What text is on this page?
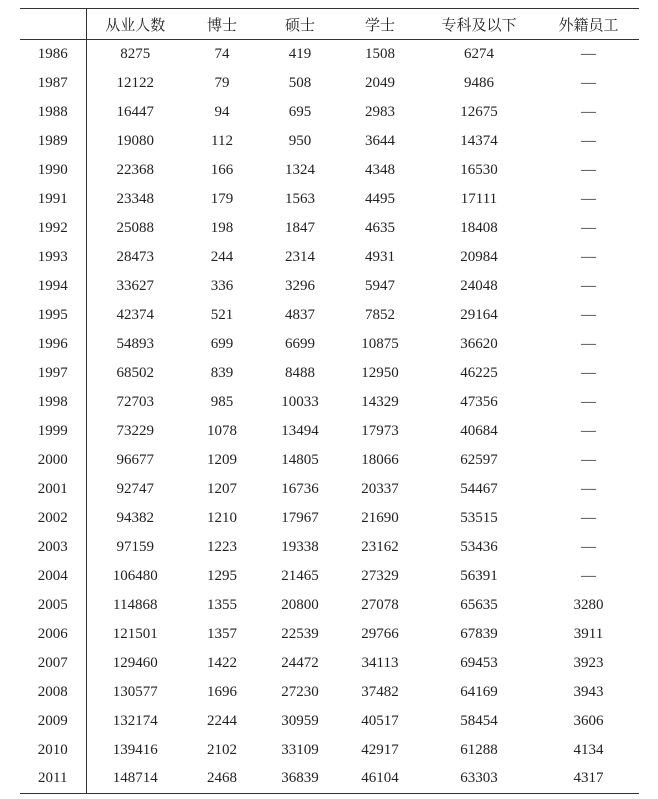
	从业人数	博士	硕士	学士	专科及以下	外籍员工
1986	8275	74	419	1508	6274	—
1987	12122	79	508	2049	9486	—
1988	16447	94	695	2983	12675	—
1989	19080	112	950	3644	14374	—
1990	22368	166	1324	4348	16530	—
1991	23348	179	1563	4495	17111	—
1992	25088	198	1847	4635	18408	—
1993	28473	244	2314	4931	20984	—
1994	33627	336	3296	5947	24048	—
1995	42374	521	4837	7852	29164	—
1996	54893	699	6699	10875	36620	—
1997	68502	839	8488	12950	46225	—
1998	72703	985	10033	14329	47356	—
1999	73229	1078	13494	17973	40684	—
2000	96677	1209	14805	18066	62597	—
2001	92747	1207	16736	20337	54467	—
2002	94382	1210	17967	21690	53515	—
2003	97159	1223	19338	23162	53436	—
2004	106480	1295	21465	27329	56391	—
2005	114868	1355	20800	27078	65635	3280
2006	121501	1357	22539	29766	67839	3911
2007	129460	1422	24472	34113	69453	3923
2008	130577	1696	27230	37482	64169	3943
2009	132174	2244	30959	40517	58454	3606
2010	139416	2102	33109	42917	61288	4134
2011	148714	2468	36839	46104	63303	4317
